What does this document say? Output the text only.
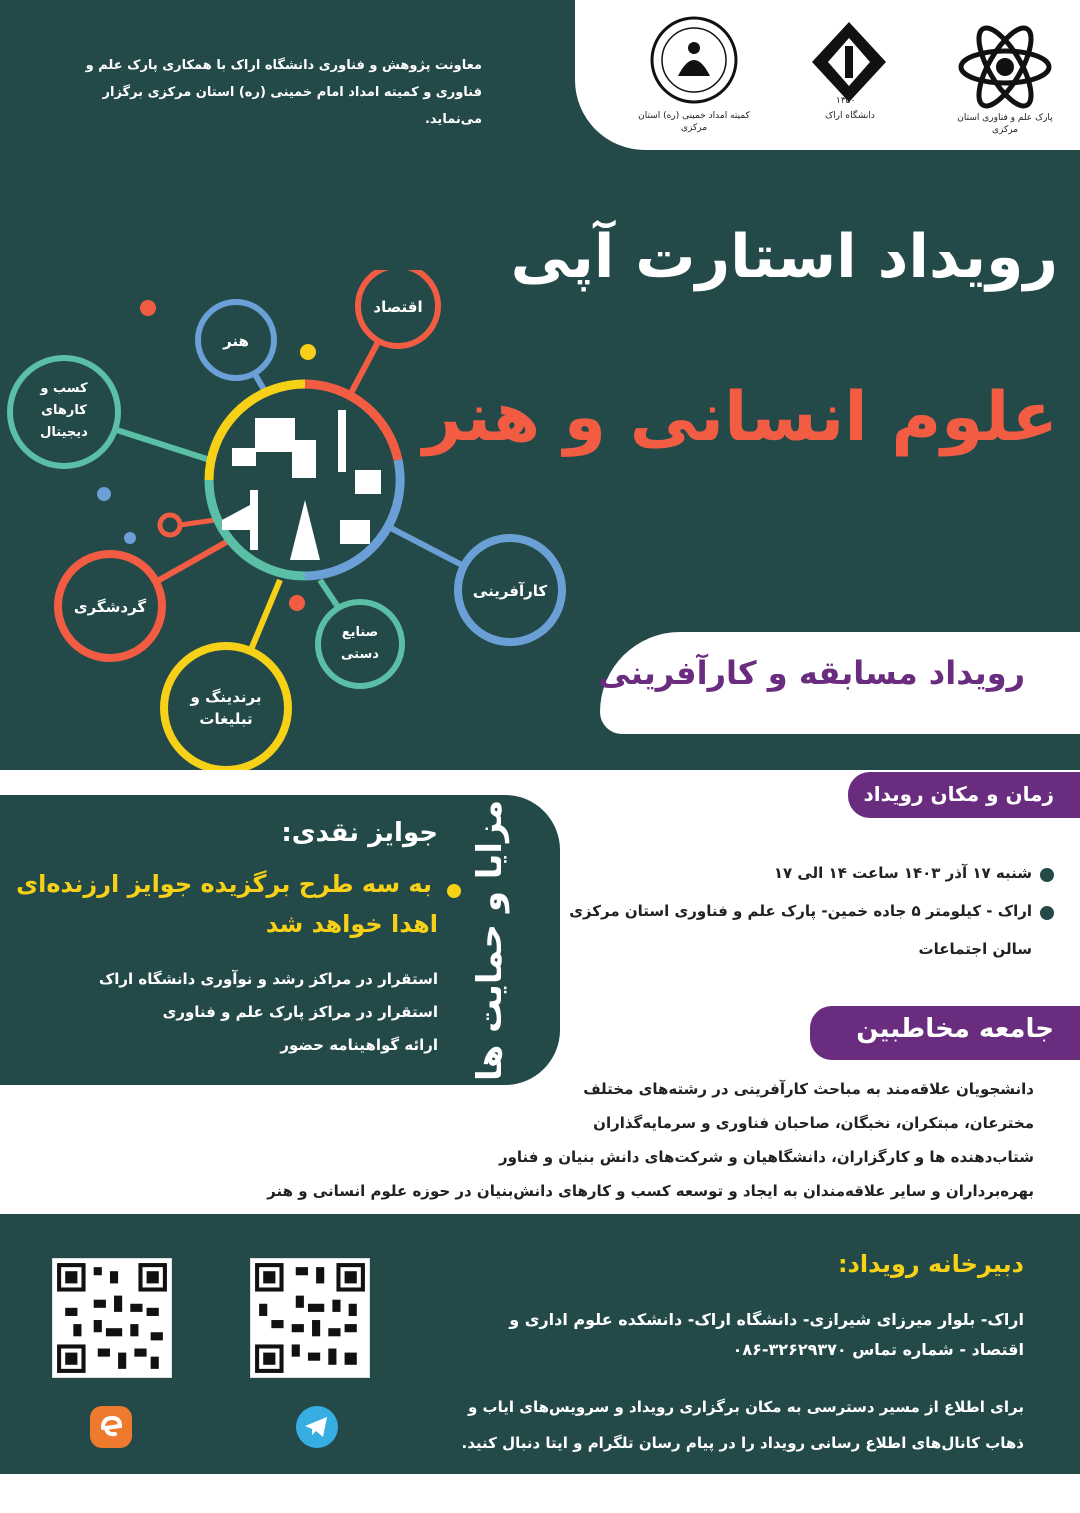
پارک علم و فناوری استان مرکزی
۱۳۵۰
دانشگاه اراک
کمیته امداد خمینی (ره) استان مرکزی
معاونت پژوهش و فناوری دانشگاه اراک با همکاری پارک علم و فناوری و کمیته امداد امام خمینی (ره) استان مرکزی برگزار می‌نماید.
رویداد استارت آپی
علوم انسانی و هنر
اقتصاد
هنر
کسب و کارهای دیجیتال
گردشگری
برندینگ و تبلیغات
صنایع دستی
کارآفرینی
رویداد مسابقه و کارآفرینی
مزایا و حمایت ها
جوایز نقدی:
به سه طرح برگزیده جوایز ارزنده‌ای
اهدا خواهد شد
استقرار در مراکز رشد و نوآوری دانشگاه اراک
استقرار در مراکز پارک علم و فناوری
ارائه گواهینامه حضور
زمان و مکان رویداد
شنبه ۱۷ آذر ۱۴۰۳ ساعت ۱۴ الی ۱۷
اراک - کیلومتر ۵ جاده خمین- پارک علم و فناوری استان مرکزی
سالن اجتماعات
جامعه مخاطبین
دانشجویان علاقه‌مند به مباحث کارآفرینی در رشته‌های مختلف
مخترعان، مبتکران، نخبگان، صاحبان فناوری و سرمایه‌گذاران
شتاب‌دهنده ها و کارگزاران، دانشگاهیان و شرکت‌های دانش بنیان و فناور
بهره‌برداران و سایر علاقه‌مندان به ایجاد و توسعه کسب و کارهای دانش‌بنیان در حوزه علوم انسانی و هنر
دبیرخانه رویداد:
اراک- بلوار میرزای شیرازی- دانشگاه اراک- دانشکده علوم اداری و
اقتصاد - شماره تماس ۳۲۶۲۹۳۷۰-۰۸۶
برای اطلاع از مسیر دسترسی به مکان برگزاری رویداد و سرویس‌های ایاب و
ذهاب کانال‌های اطلاع رسانی رویداد را در پیام رسان تلگرام و ایتا دنبال کنید.
